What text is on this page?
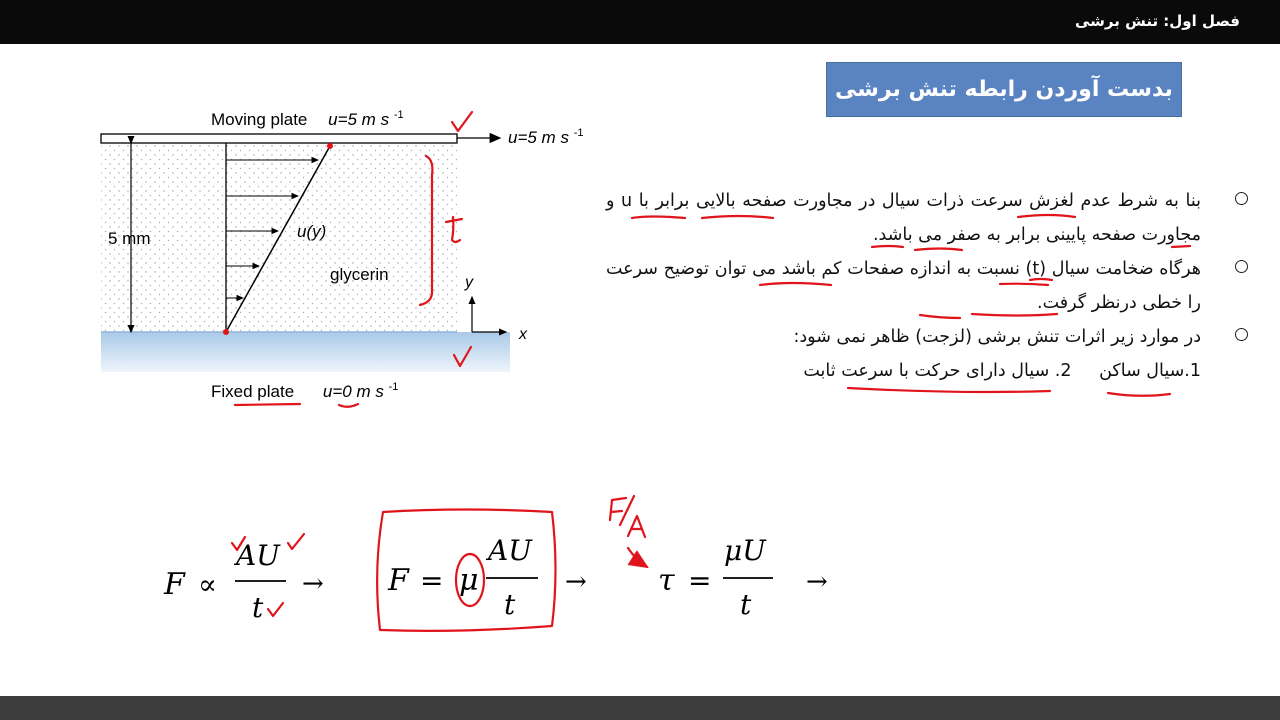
فصل اول: تنش برشی
بدست آوردن رابطه تنش برشی
بنا به شرط عدم لغزش سرعت ذرات سیال در مجاورت صفحه بالایی برابر با u و مجاورت صفحه پایینی برابر به صفر می باشد.
هرگاه ضخامت سیال (t) نسبت به اندازه صفحات کم باشد می توان توضیح سرعت را خطی درنظر گرفت.
در موارد زیر اثرات تنش برشی (لزجت) ظاهر نمی شود:
1.سیال ساکن 2. سیال دارای حرکت با سرعت ثابت
Moving plate u=5 m s $^{-1}$
u=5 m s $^{-1}$
5 mm	u(y)
glycerin	y
x
Fixed plate u=0 m s $^{-1}$
F ∝
AU
t
→ F = μ
AU
t
→ τ =
μU
t
→
